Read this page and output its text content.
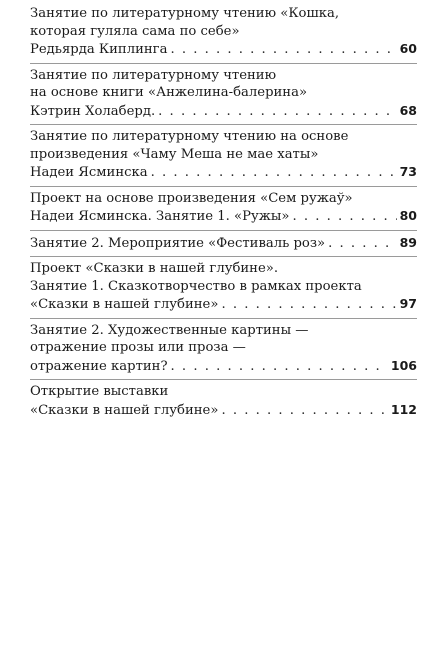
Занятие по литературному чтению «Кошка,
которая гуляла сама по себе»
Редьярда Киплинга . . .	60
Занятие по литературному чтению
на основе книги «Анжелина-балерина»
Кэтрин Холаберд. . . .	68
Занятие по литературному чтению на основе
произведения «Чаму Меша не мае хаты»
Надеи Ясминска . . .	73
Проект на основе произведения «Сем ружаў»
Надеи Ясминска. Занятие 1. «Ружы» . . .	80
Занятие 2. Мероприятие «Фестиваль роз» . . .	89
Проект «Сказки в нашей глубине».
Занятие 1. Сказкотворчество в рамках проекта
«Сказки в нашей глубине» . . .	97
Занятие 2. Художественные картины —
отражение прозы или проза —
отражение картин? . . .	106
Открытие выставки
«Сказки в нашей глубине» . . .	112
